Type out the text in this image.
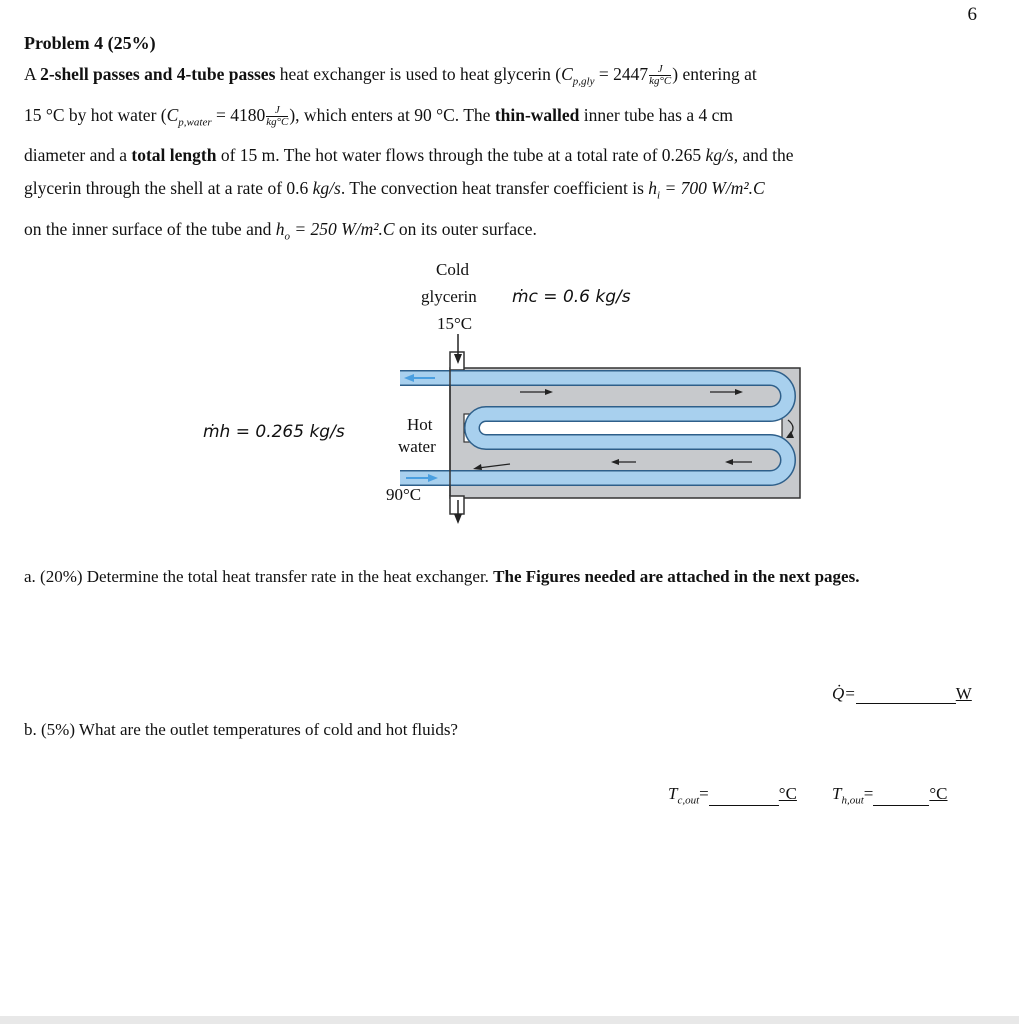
6
Problem 4 (25%)

A 2-shell passes and 4-tube passes heat exchanger is used to heat glycerin ($C_{p,gly} = 2447 \frac{J}{kg^\circ C}$ ) entering at

15 °C by hot water ($C_{p,water} = 4180 \frac{J}{kg^\circ C}$ ), which enters at 90 °C. The thin-walled inner tube has a 4 cm

diameter and a total length of 15 m. The hot water flows through the tube at a total rate of 0.265 kg/s, and the

glycerin through the shell at a rate of 0.6 kg/s. The convection heat transfer coefficient is $h_i = 700$ W/m².C

on the inner surface of the tube and $h_o = 250$ W/m².C on its outer surface.

Cold
glycerin
15°C
ṁc = 0.6 kg/s
ṁh = 0.265 kg/s	Hot
water
90°C
a. (20%) Determine the total heat transfer rate in the heat exchanger. The Figures needed are attached in the next pages.
Q̇=	W
b. (5%) What are the outlet temperatures of cold and hot fluids?
$T_{c,out}=$	°C $T_{h,out}=$	°C
